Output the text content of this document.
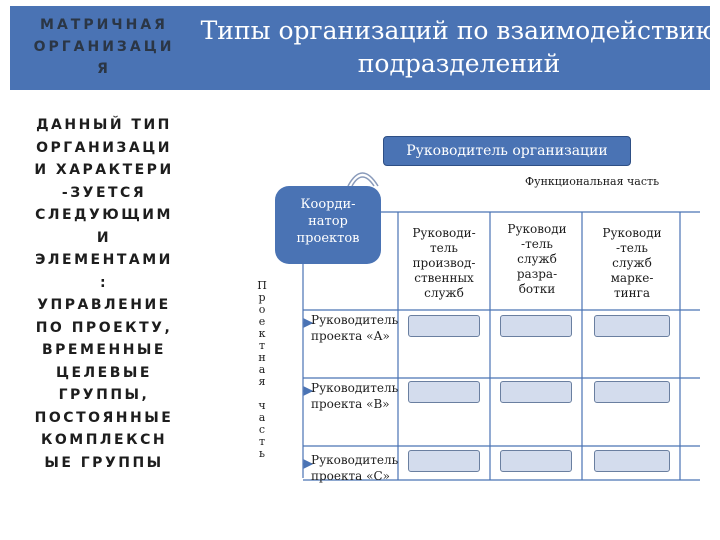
МАТРИЧНАЯ
ОРГАНИЗАЦИ
Я
ДАННЫЙ ТИП
ОРГАНИЗАЦИ
И ХАРАКТЕРИ
-ЗУЕТСЯ
СЛЕДУЮЩИМ
И
ЭЛЕМЕНТАМИ
:
УПРАВЛЕНИЕ
ПО ПРОЕКТУ,
ВРЕМЕННЫЕ
ЦЕЛЕВЫЕ
ГРУППЫ,
ПОСТОЯННЫЕ
КОМПЛЕКСН
ЫЕ ГРУППЫ
Типы организаций по взаимодействию
подразделений
Руководитель организации
Функциональная часть
Коорди-
натор
проектов
П
р
о
е
к
т
н
а
я

ч
а
с
т
ь
Руководи-
тель
производ-
ственных
служб
Руководи
-тель
служб
разра-
ботки
Руководи
-тель
служб
марке-
тинга
Руководитель
проекта «А»
Руководитель
проекта «В»
Руководитель
проекта «С»
